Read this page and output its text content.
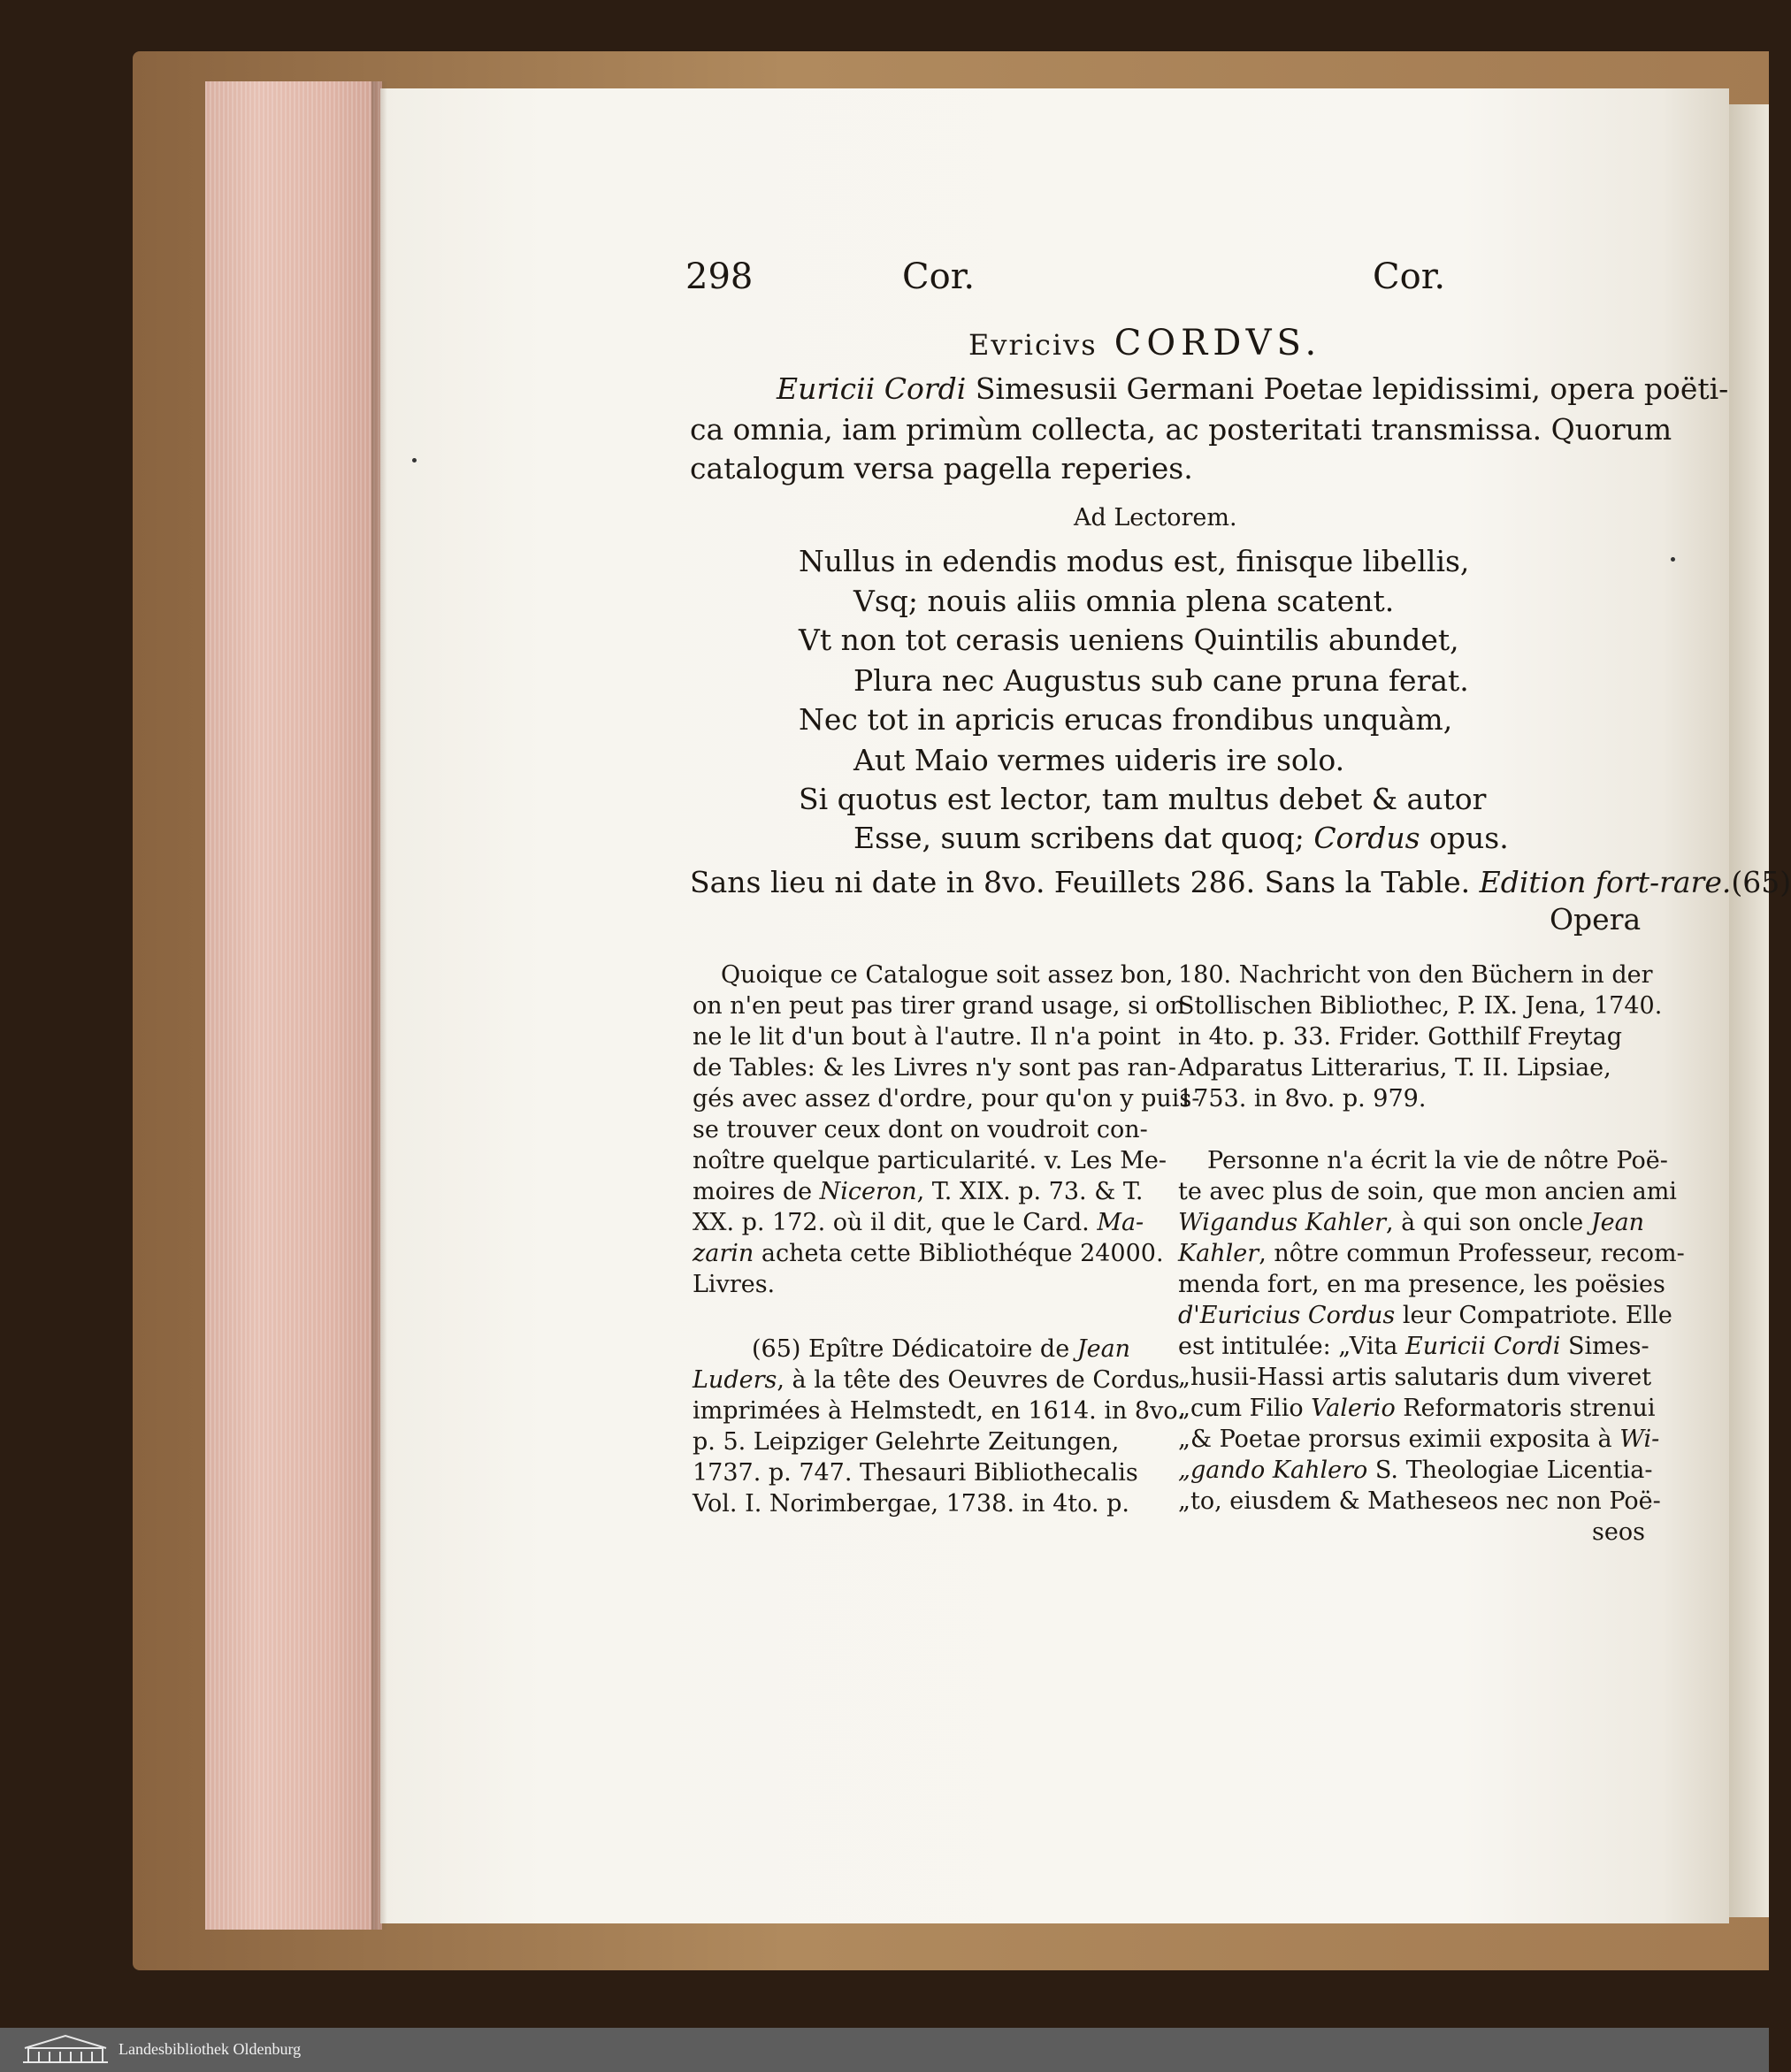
298	Cor.	Cor.
Evricivs CORDVS.
Euricii Cordi Simesusii Germani Poetae lepidissimi, opera poëti-
ca omnia, iam primùm collecta, ac posteritati transmissa. Quorum
catalogum versa pagella reperies.
Ad Lectorem.
Nullus in edendis modus est, finisque libellis,
Vsq; nouis aliis omnia plena scatent.
Vt non tot cerasis ueniens Quintilis abundet,
Plura nec Augustus sub cane pruna ferat.
Nec tot in apricis erucas frondibus unquàm,
Aut Maio vermes uideris ire solo.
Si quotus est lector, tam multus debet & autor
Esse, suum scribens dat quoq; Cordus opus.
Sans lieu ni date in 8vo. Feuillets 286. Sans la Table. Edition fort-rare.(65)
Opera
Quoique ce Catalogue soit assez bon,
on n'en peut pas tirer grand usage, si on
ne le lit d'un bout à l'autre. Il n'a point
de Tables: & les Livres n'y sont pas ran-
gés avec assez d'ordre, pour qu'on y puis-
se trouver ceux dont on voudroit con-
noître quelque particularité. v. Les Me-
moires de Niceron, T. XIX. p. 73. & T.
XX. p. 172. où il dit, que le Card. Ma-
zarin acheta cette Bibliothéque 24000.
Livres.
(65) Epître Dédicatoire de Jean
Luders, à la tête des Oeuvres de Cordus
imprimées à Helmstedt, en 1614. in 8vo.
p. 5. Leipziger Gelehrte Zeitungen,
1737. p. 747. Thesauri Bibliothecalis
Vol. I. Norimbergae, 1738. in 4to. p.
180. Nachricht von den Büchern in der
Stollischen Bibliothec, P. IX. Jena, 1740.
in 4to. p. 33. Frider. Gotthilf Freytag
Adparatus Litterarius, T. II. Lipsiae,
1753. in 8vo. p. 979.
Personne n'a écrit la vie de nôtre Poë-
te avec plus de soin, que mon ancien ami
Wigandus Kahler, à qui son oncle Jean
Kahler, nôtre commun Professeur, recom-
menda fort, en ma presence, les poësies
d'Euricius Cordus leur Compatriote. Elle
est intitulée: „Vita Euricii Cordi Simes-
„husii-Hassi artis salutaris dum viveret
„cum Filio Valerio Reformatoris strenui
„& Poetae prorsus eximii exposita à Wi-
„gando Kahlero S. Theologiae Licentia-
„to, eiusdem & Matheseos nec non Poë-
seos
Landesbibliothek Oldenburg
